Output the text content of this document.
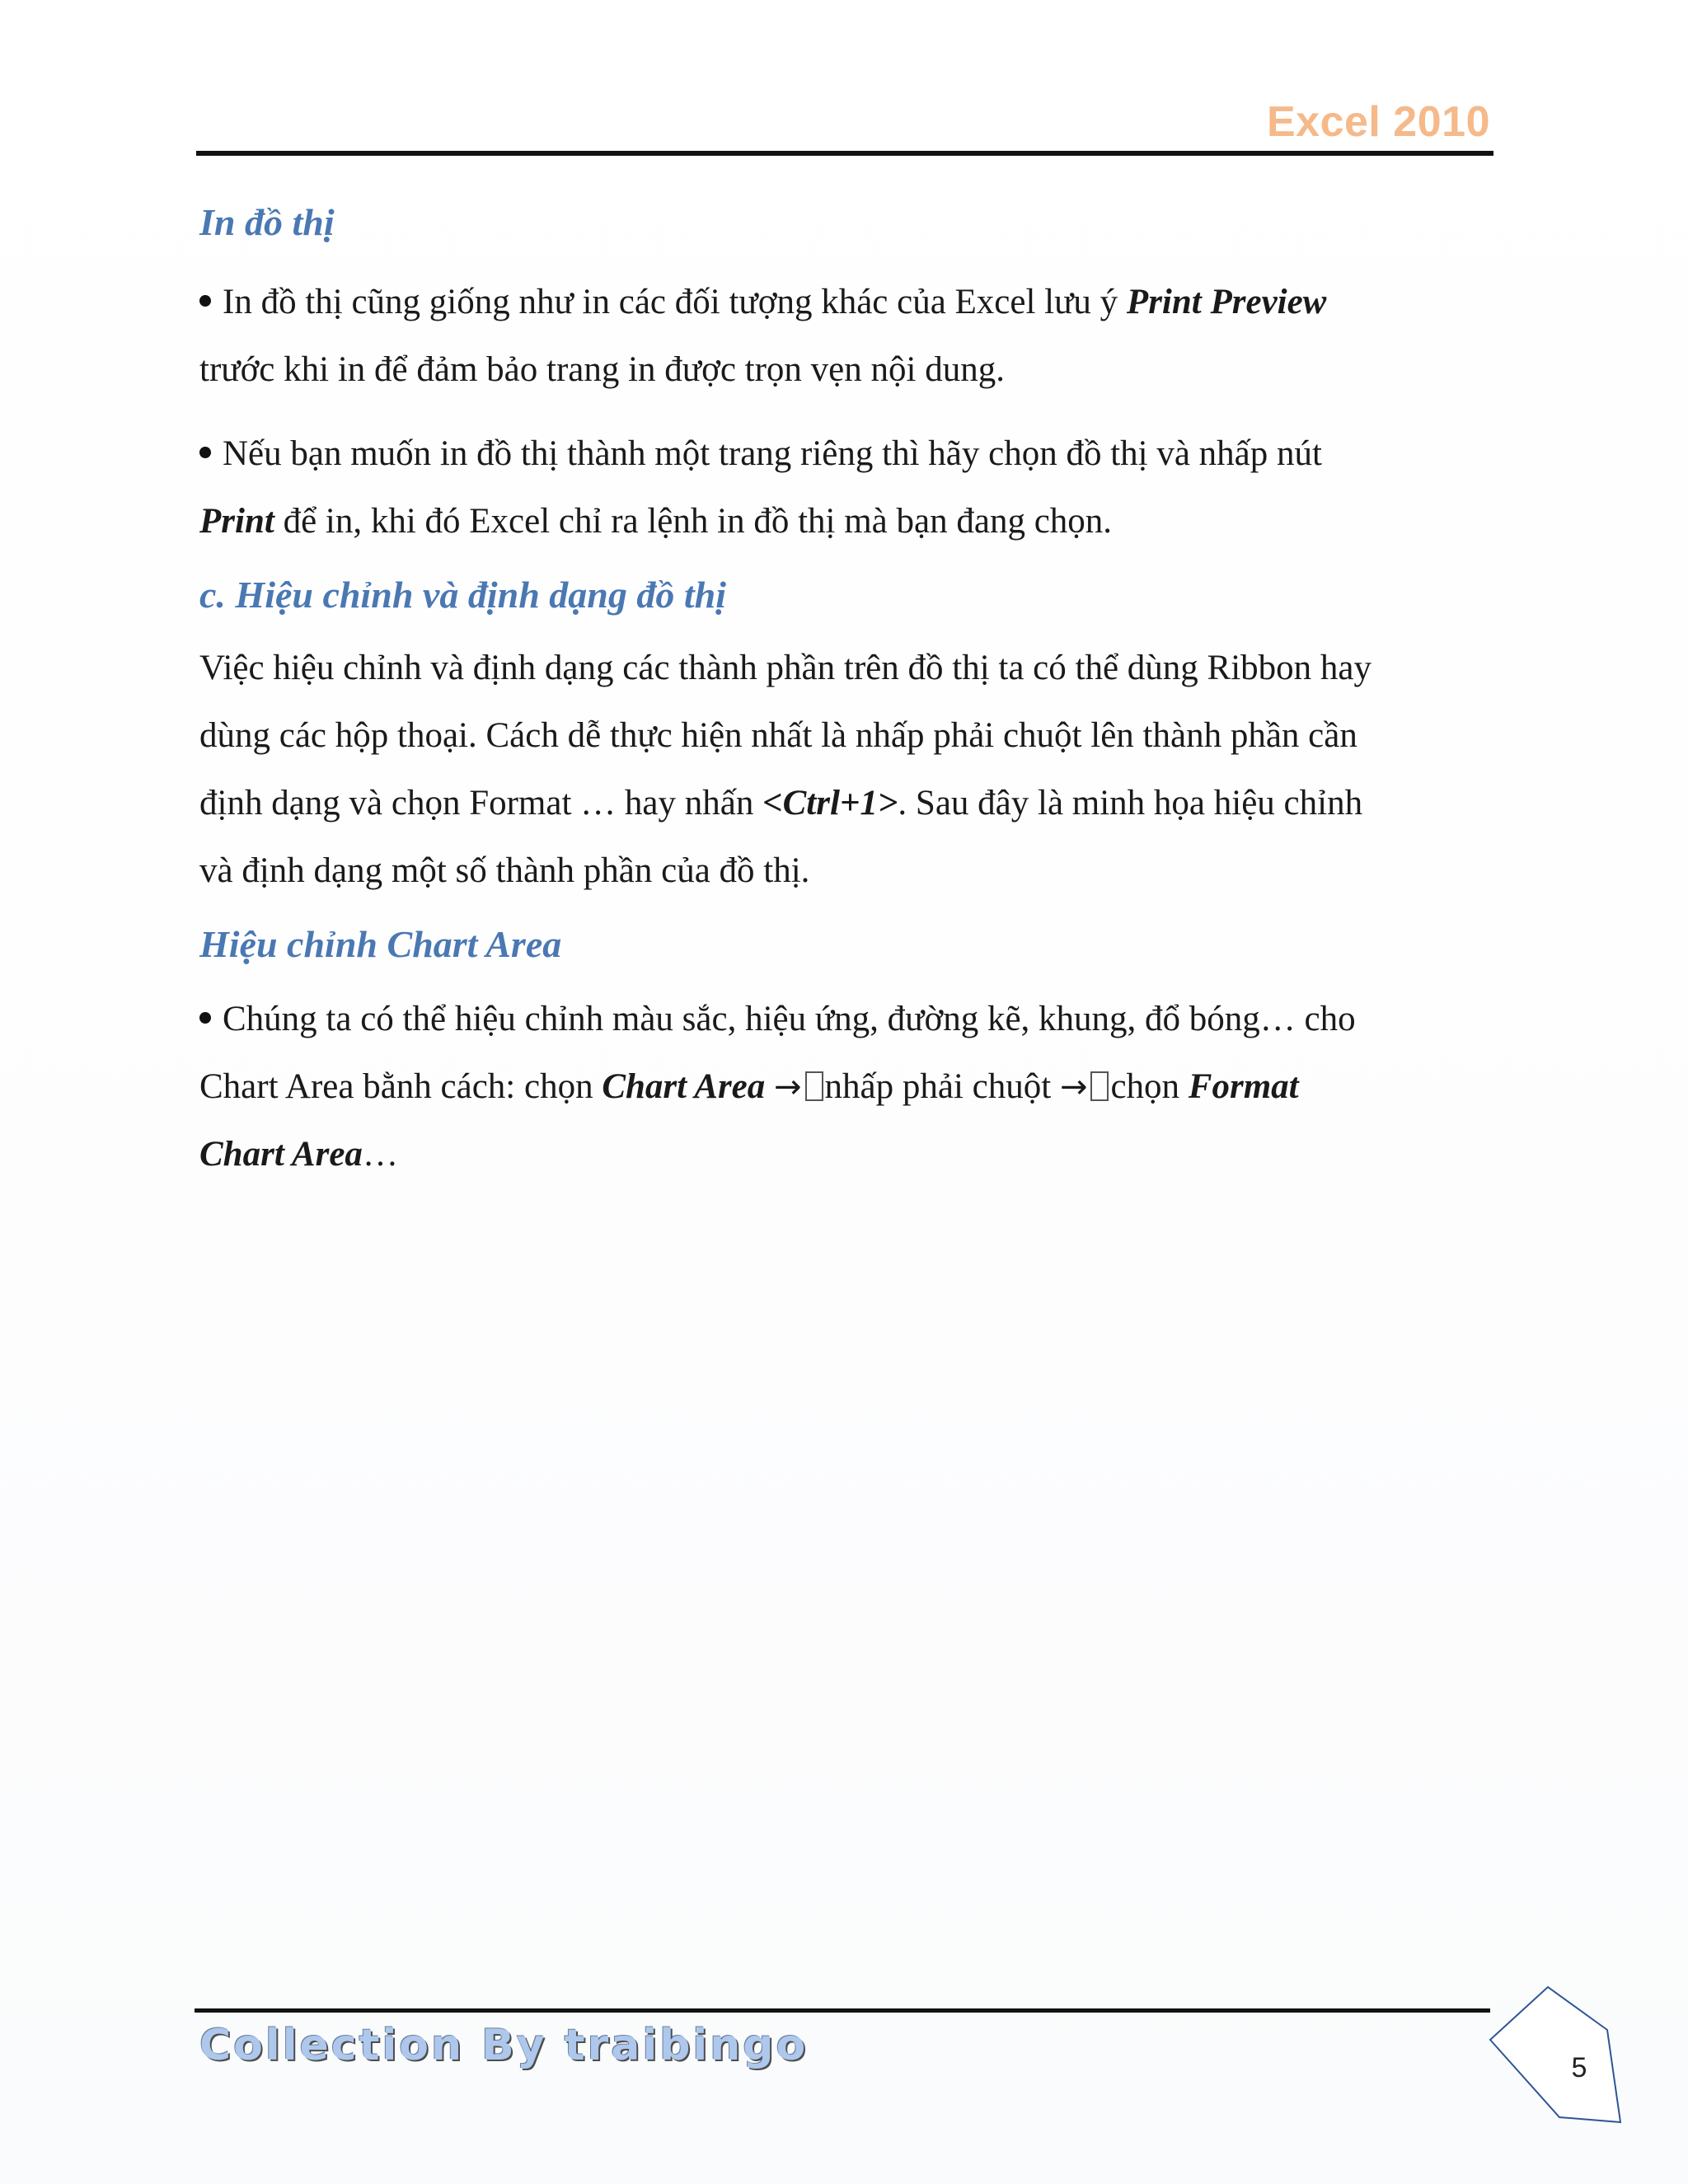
Excel 2010
In đồ thị
In đồ thị cũng giống như in các đối tượng khác của Excel lưu ý Print Preview
trước khi in để đảm bảo trang in được trọn vẹn nội dung.
Nếu bạn muốn in đồ thị thành một trang riêng thì hãy chọn đồ thị và nhấp nút
Print để in, khi đó Excel chỉ ra lệnh in đồ thị mà bạn đang chọn.
c. Hiệu chỉnh và định dạng đồ thị
Việc hiệu chỉnh và định dạng các thành phần trên đồ thị ta có thể dùng Ribbon hay
dùng các hộp thoại. Cách dễ thực hiện nhất là nhấp phải chuột lên thành phần cần
định dạng và chọn Format … hay nhấn <Ctrl+1>. Sau đây là minh họa hiệu chỉnh
và định dạng một số thành phần của đồ thị.
Hiệu chỉnh Chart Area
Chúng ta có thể hiệu chỉnh màu sắc, hiệu ứng, đường kẽ, khung, đổ bóng… cho
Chart Area bằnh cách: chọn Chart Area → nhấp phải chuột → chọn Format
Chart Area…
Collection By traibingo	5
